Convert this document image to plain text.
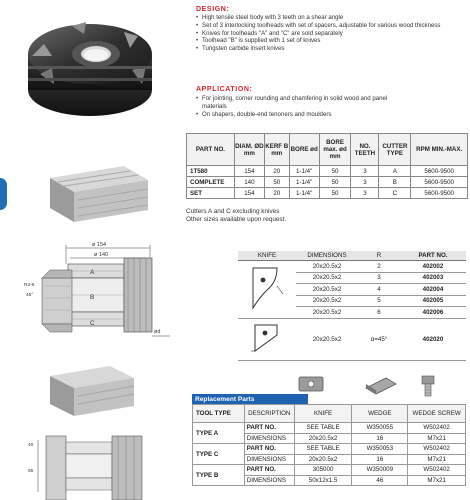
DESIGN:
• High tensile steel body with 3 teeth on a shear angle
• Set of 3 interlocking toolheads with set of spacers, adjustable for various wood thickness
• Knives for toolheads "A" and "C" are sold separately
• Toolhead "B" is supplied with 1 set of knives
• Tungsten carbide insert knives
APPLICATION:
• For jointing, corner rounding and chamfering in solid wood and panel materials
• On shapers, double-end tenoners and moulders
PART NO.	DIAM. ØD mm	KERF B mm	BORE ød	BORE max. ød mm	NO. TEETH	CUTTER TYPE	RPM MIN.-MAX.
1T580	154	20	1-1/4"	50	3	A	5600-9500
COMPLETE	140	50	1-1/4"	50	3	B	5600-9500
SET	154	20	1-1/4"	50	3	C	5600-9500
Cutters A and C excluding knives
Other sizes available upon request.
ø 154
ø 140
R2-6
45°
A
B
C
ød
KNIFE	DIMENSIONS	R	PART NO.
	20x20.5x2	2	402002
	20x20.5x2	3	402003
	20x20.5x2	4	402004
	20x20.5x2	5	402005
	20x20.5x2	6	402006
	20x20.5x2	α=45°	402020
40
65
Replacement Parts
TOOL TYPE	DESCRIPTION	KNIFE	WEDGE	WEDGE SCREW
TYPE A	PART NO.	SEE TABLE	W350055	W502402
	DIMENSIONS	20x20.5x2	16	M7x21
TYPE C	PART NO.	SEE TABLE	W350053	W502402
	DIMENSIONS	20x20.5x2	16	M7x21
TYPE B	PART NO.	305000	W350009	W502402
	DIMENSIONS	50x12x1.5	46	M7x21
